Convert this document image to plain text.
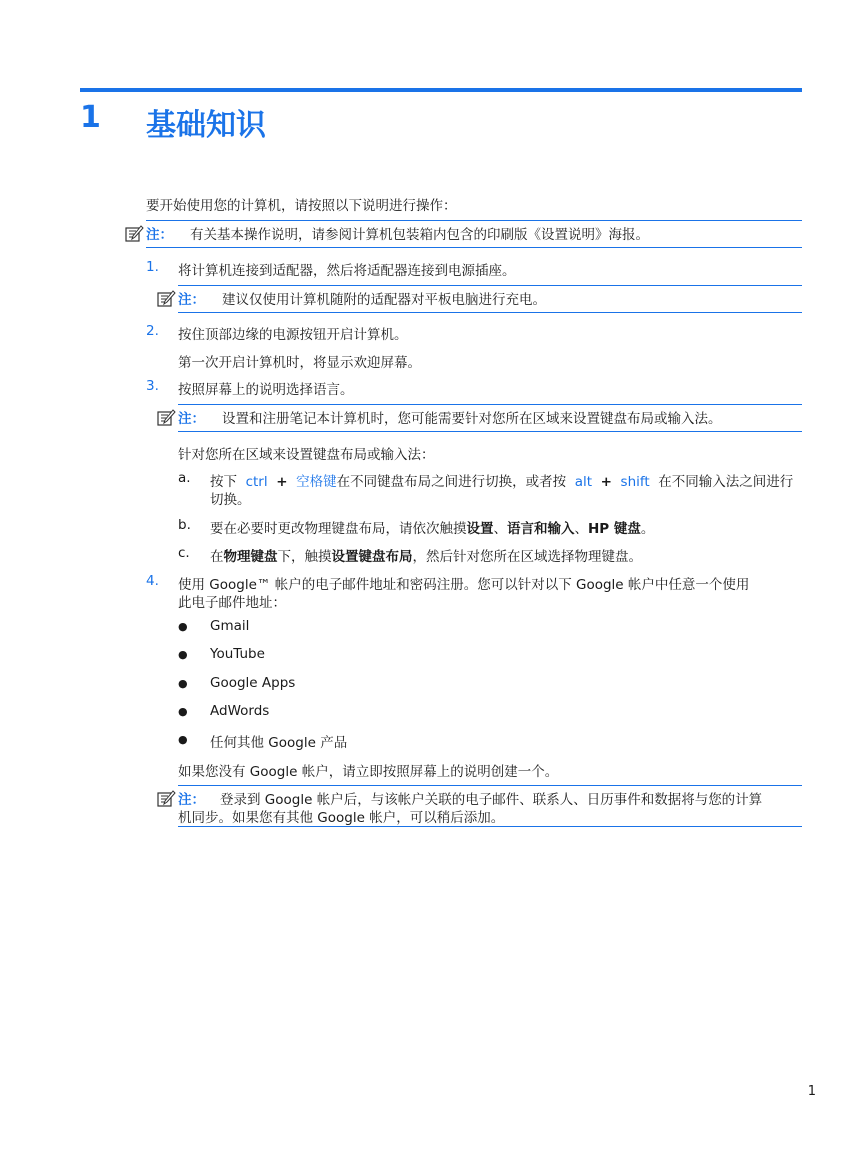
1 基础知识
要开始使用您的计算机，请按照以下说明进行操作：
注： 有关基本操作说明，请参阅计算机包装箱内包含的印刷版《设置说明》海报。
1. 将计算机连接到适配器，然后将适配器连接到电源插座。
注： 建议仅使用计算机随附的适配器对平板电脑进行充电。
2. 按住顶部边缘的电源按钮开启计算机。
第一次开启计算机时，将显示欢迎屏幕。
3. 按照屏幕上的说明选择语言。
注： 设置和注册笔记本计算机时，您可能需要针对您所在区域来设置键盘布局或输入法。
针对您所在区域来设置键盘布局或输入法：
a. 按下 ctrl + 空格键在不同键盘布局之间进行切换，或者按 alt + shift 在不同输入法之间进行
切换。
b. 要在必要时更改物理键盘布局，请依次触摸设置、语言和输入、HP 键盘。
c. 在物理键盘下，触摸设置键盘布局，然后针对您所在区域选择物理键盘。
4. 使用 Google™ 帐户的电子邮件地址和密码注册。您可以针对以下 Google 帐户中任意一个使用
此电子邮件地址：
● Gmail
● YouTube
● Google Apps
● AdWords
● 任何其他 Google 产品
如果您没有 Google 帐户，请立即按照屏幕上的说明创建一个。
注： 登录到 Google 帐户后，与该帐户关联的电子邮件、联系人、日历事件和数据将与您的计算
机同步。如果您有其他 Google 帐户，可以稍后添加。
1
